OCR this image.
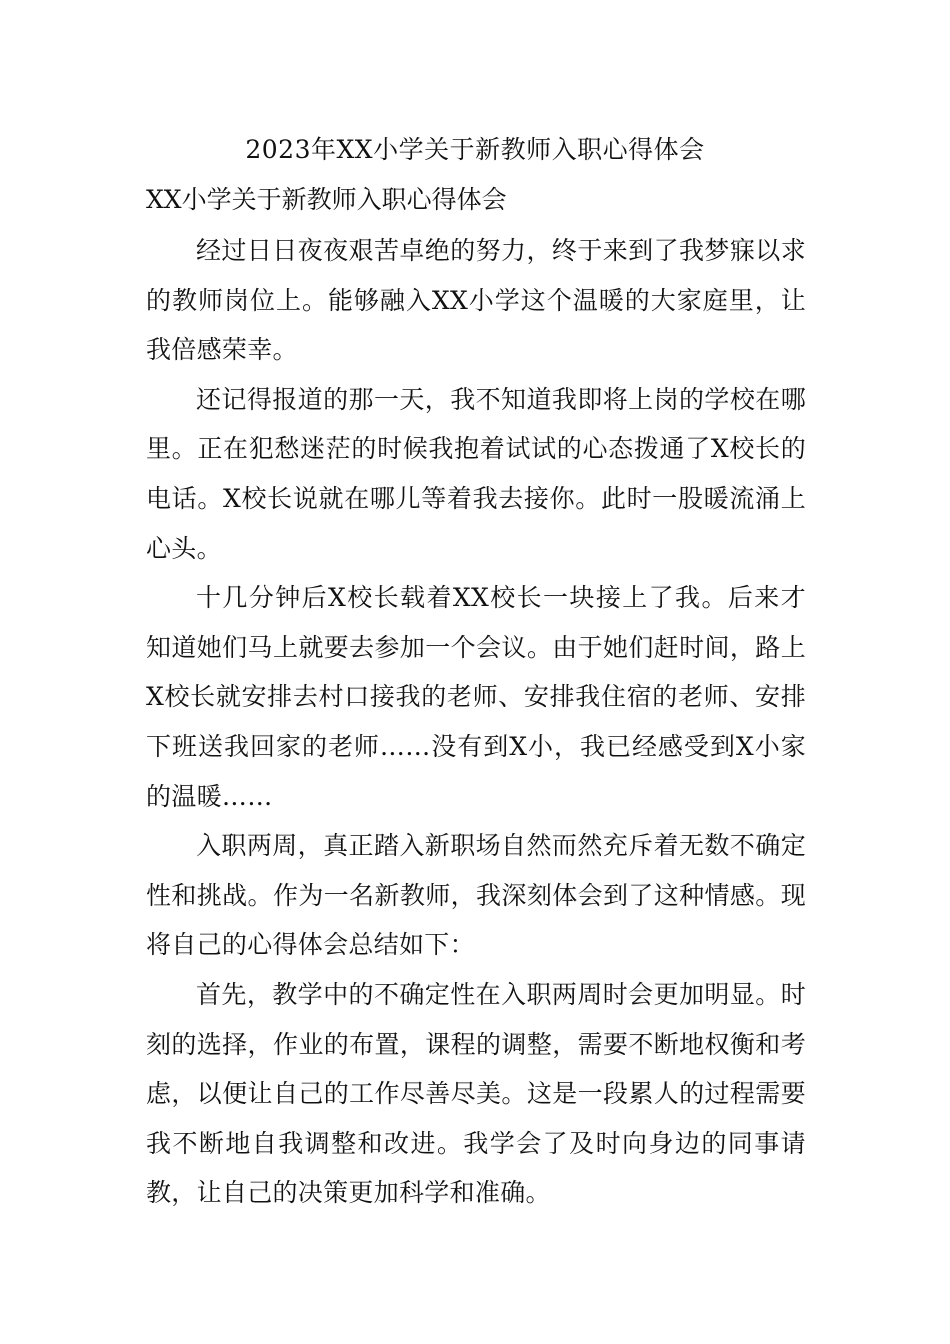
2023年XX小学关于新教师入职心得体会
XX小学关于新教师入职心得体会

经过日日夜夜艰苦卓绝的努力，终于来到了我梦寐以求的教师岗位上。能够融入XX小学这个温暖的大家庭里，让我倍感荣幸。

还记得报道的那一天，我不知道我即将上岗的学校在哪里。正在犯愁迷茫的时候我抱着试试的心态拨通了X校长的电话。X校长说就在哪儿等着我去接你。此时一股暖流涌上心头。

十几分钟后X校长载着XX校长一块接上了我。后来才知道她们马上就要去参加一个会议。由于她们赶时间，路上X校长就安排去村口接我的老师、安排我住宿的老师、安排下班送我回家的老师……没有到X小，我已经感受到X小家的温暖……

入职两周，真正踏入新职场自然而然充斥着无数不确定性和挑战。作为一名新教师，我深刻体会到了这种情感。现将自己的心得体会总结如下：

首先，教学中的不确定性在入职两周时会更加明显。时刻的选择，作业的布置，课程的调整，需要不断地权衡和考虑，以便让自己的工作尽善尽美。这是一段累人的过程需要我不断地自我调整和改进。我学会了及时向身边的同事请教，让自己的决策更加科学和准确。
